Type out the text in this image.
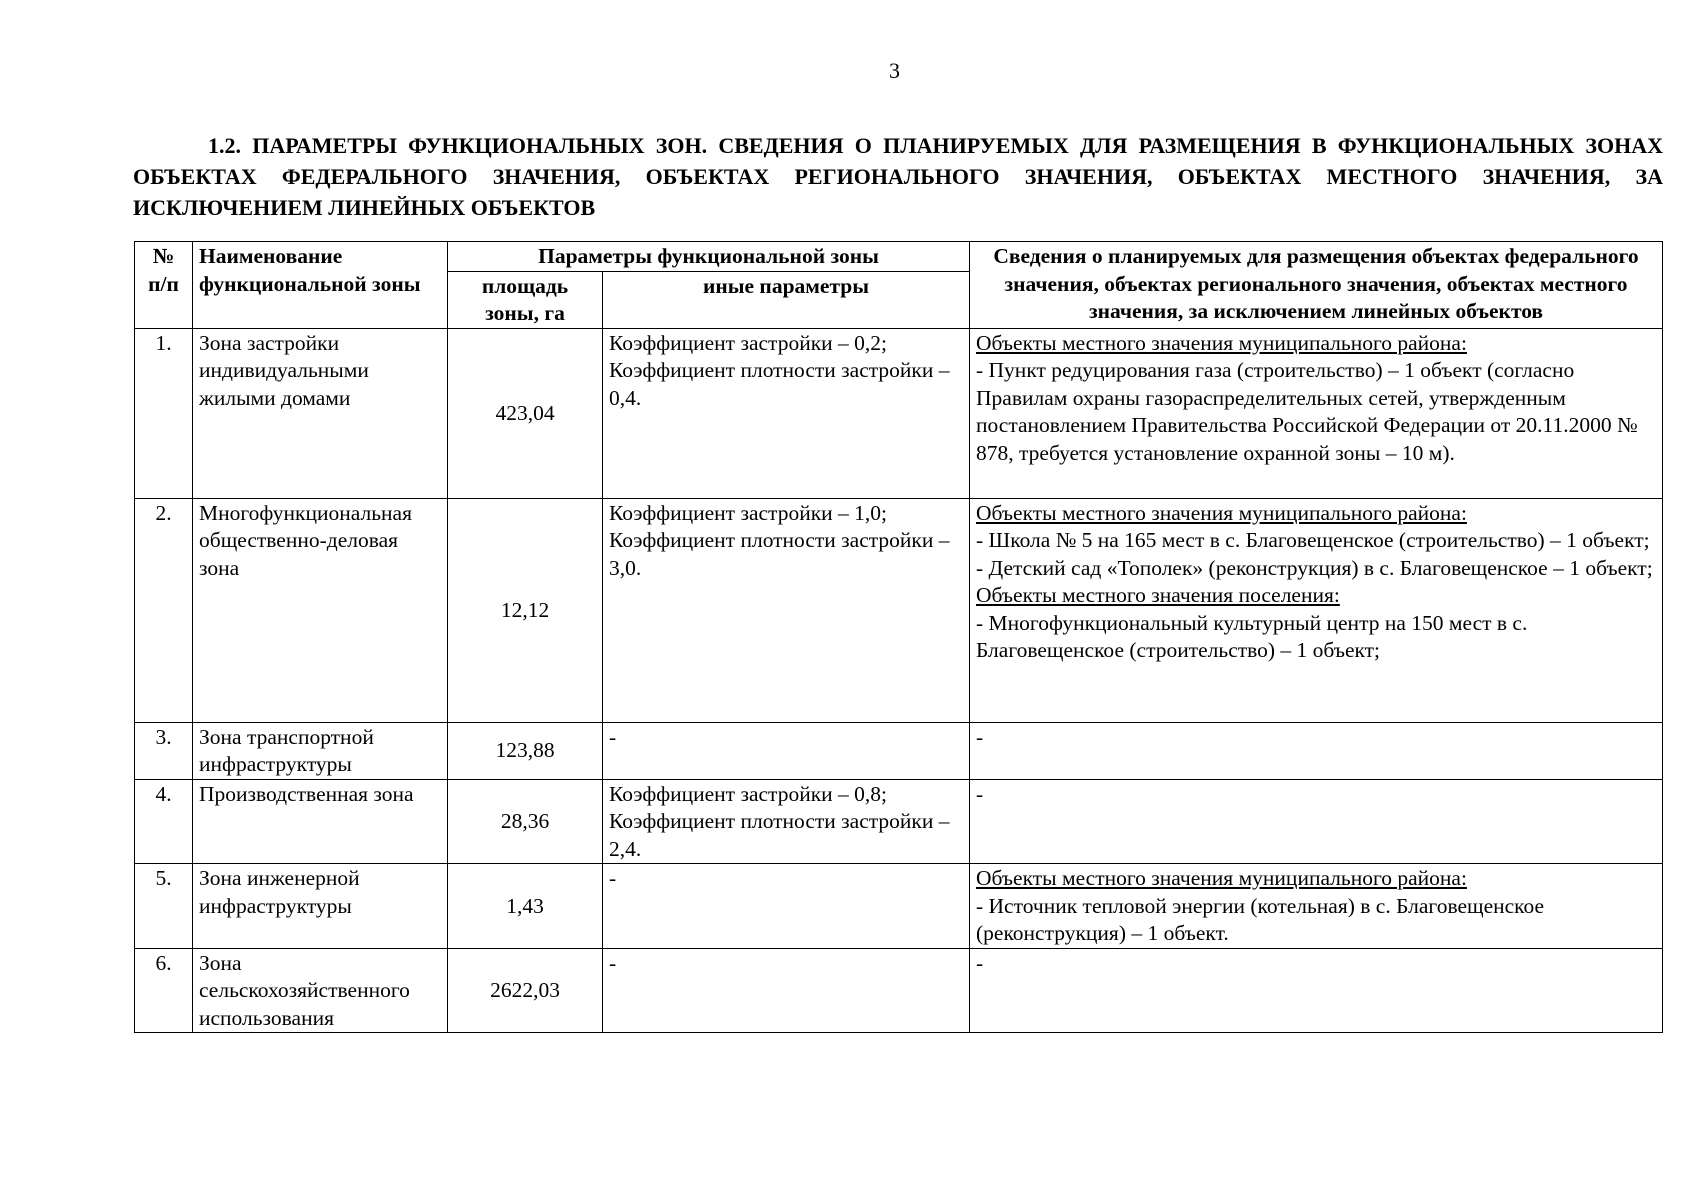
3
1.2. ПАРАМЕТРЫ ФУНКЦИОНАЛЬНЫХ ЗОН. СВЕДЕНИЯ О ПЛАНИРУЕМЫХ ДЛЯ РАЗМЕЩЕНИЯ В ФУНКЦИОНАЛЬНЫХ ЗОНАХ ОБЪЕКТАХ ФЕДЕРАЛЬНОГО ЗНАЧЕНИЯ, ОБЪЕКТАХ РЕГИОНАЛЬНОГО ЗНАЧЕНИЯ, ОБЪЕКТАХ МЕСТНОГО ЗНАЧЕНИЯ, ЗА ИСКЛЮЧЕНИЕМ ЛИНЕЙНЫХ ОБЪЕКТОВ
№ п/п	Наименование функциональной зоны	Параметры функциональной зоны		Сведения о планируемых для размещения объектах федерального значения, объектах регионального значения, объектах местного значения, за исключением линейных объектов
		площадь зоны, га	иные параметры	
1.	Зона застройки индивидуальными жилыми домами	423,04	Коэффициент застройки – 0,2; Коэффициент плотности застройки – 0,4.	Объекты местного значения муниципального района:
- Пункт редуцирования газа (строительство) – 1 объект (согласно Правилам охраны газораспределительных сетей, утвержденным постановлением Правительства Российской Федерации от 20.11.2000 № 878, требуется установление охранной зоны – 10 м).

2.	Многофункциональная общественно-деловая зона	12,12	Коэффициент застройки – 1,0; Коэффициент плотности застройки – 3,0.	Объекты местного значения муниципального района:
- Школа № 5 на 165 мест в с. Благовещенское (строительство) – 1 объект;
- Детский сад «Тополек» (реконструкция) в с. Благовещенское – 1 объект;
Объекты местного значения поселения:
- Многофункциональный культурный центр на 150 мест в с. Благовещенское (строительство) – 1 объект;

3.	Зона транспортной инфраструктуры	123,88	-	-
4.	Производственная зона	28,36	Коэффициент застройки – 0,8; Коэффициент плотности застройки – 2,4.	-
5.	Зона инженерной инфраструктуры	1,43	-	Объекты местного значения муниципального района:
- Источник тепловой энергии (котельная) в с. Благовещенское (реконструкция) – 1 объект.

6.	Зона сельскохозяйственного использования	2622,03	-	-
